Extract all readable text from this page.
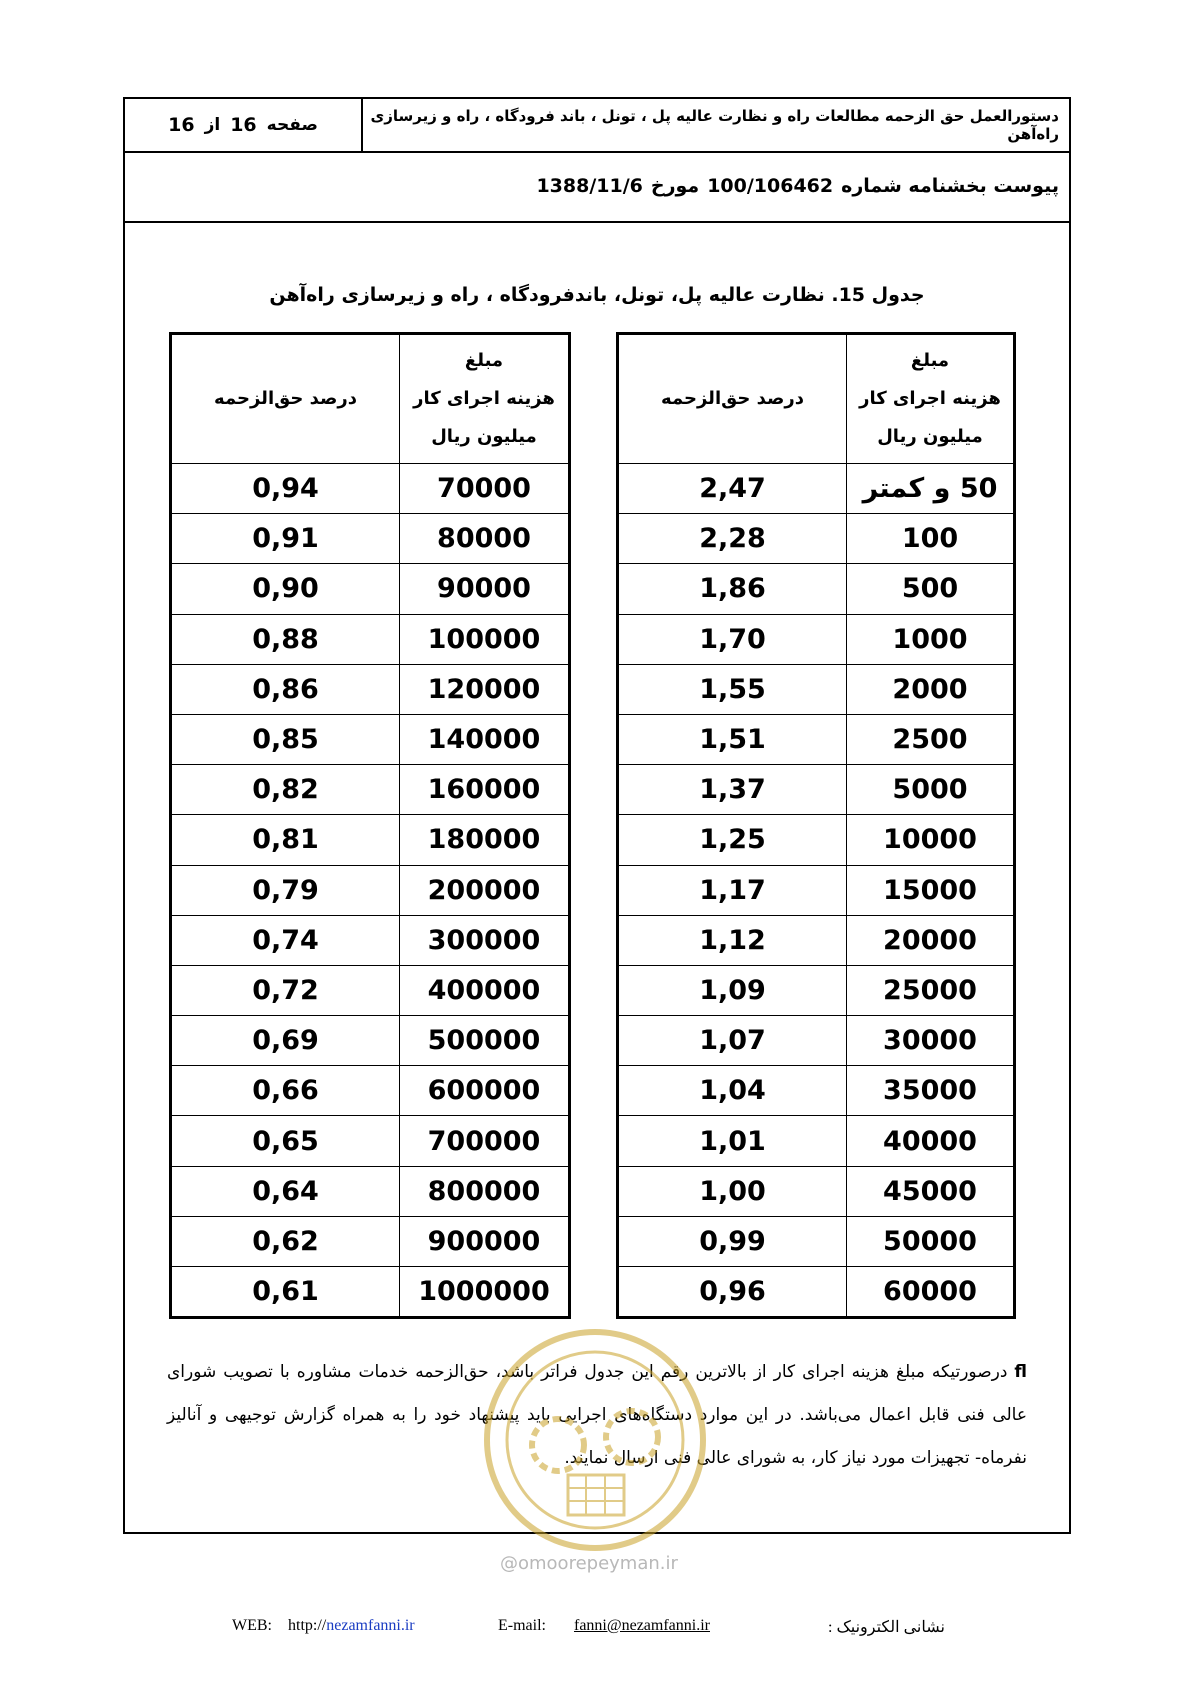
دستورالعمل حق الزحمه مطالعات راه و نظارت عالیه پل ، تونل ، باند فرودگاه ، راه و زیرسازی راه‌آهن
صفحه
16
از
16
پیوست بخشنامه شماره
100/106462
مورخ
1388/11/6
جدول 15. نظارت عالیه پل، تونل، باندفرودگاه ، راه و زیرسازی راه‌آهن
مبلغ
هزینه اجرای کار
میلیون ریال	درصد حق‌الزحمه
50 و کمتر	2,47
100	2,28
500	1,86
1000	1,70
2000	1,55
2500	1,51
5000	1,37
10000	1,25
15000	1,17
20000	1,12
25000	1,09
30000	1,07
35000	1,04
40000	1,01
45000	1,00
50000	0,99
60000	0,96
مبلغ
هزینه اجرای کار
میلیون ریال	درصد حق‌الزحمه
70000	0,94
80000	0,91
90000	0,90
100000	0,88
120000	0,86
140000	0,85
160000	0,82
180000	0,81
200000	0,79
300000	0,74
400000	0,72
500000	0,69
600000	0,66
700000	0,65
800000	0,64
900000	0,62
1000000	0,61
fl درصورتیکه مبلغ هزینه اجرای کار از بالاترین رقم این جدول فراتر باشد، حق‌الزحمه خدمات مشاوره با تصویب شورای عالی فنی قابل اعمال می‌باشد. در این موارد دستگاه‌های اجرایی باید پیشنهاد خود را به همراه گزارش توجیهی و آنالیز نفرماه- تجهیزات مورد نیاز کار، به شورای عالی فنی ارسال نمایند.
@omoorepeyman.ir
WEB: http://nezamfanni.ir	E-mail: fanni@nezamfanni.ir	نشانی الکترونیک :
